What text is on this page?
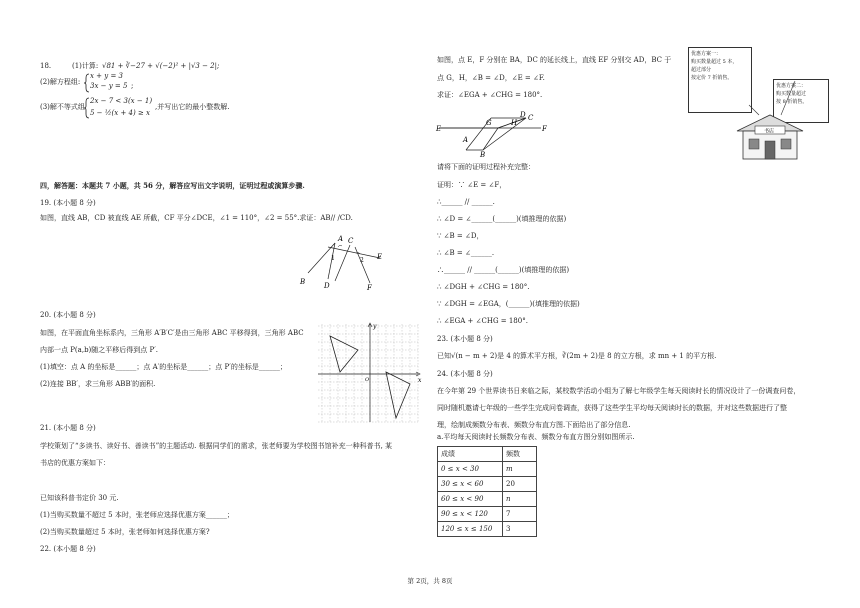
18.	(1)计算: √81 + ∛−27 + √(−2)² + |√3 − 2|;
(2)解方程组:
x + y = 3
3x − y = 5 ;
(3)解不等式组
2x − 7 < 3(x − 1)
5 − ½(x + 4) ≥ x
,并写出它的最小整数解.
四，解答题：本题共 7 小题，共 56 分，解答应写出文字说明，证明过程或演算步骤.
19. (本小题 8 分)
如图，直线 AB，CD 被直线 AE 所截，CF 平分∠DCE，∠1 = 110°，∠2 = 55°.求证：AB// /CD.
B
A C
D
E
F
1	2
20. (本小题 8 分)
如图，在平面直角坐标系内，三角形 A′B′C′是由三角形 ABC 平移得到，三角形 ABC
内部一点 P(a,b)随之平移后得到点 P′.
(1)填空：点 A 的坐标是______；点 A′的坐标是______；点 P′的坐标是______；
(2)连接 BB′，求三角形 ABB′的面积.	x
y
O
21. (本小题 8 分)
学校策划了“多读书、读好书、善读书”的主题活动. 根据同学们的需求，张老师要为学校图书馆补充一种科普书, 某
书店的优惠方案如下：
已知该科普书定价 30 元.
(1)当购买数量不超过 5 本时，张老师应选择优惠方案______；
(2)当购买数量超过 5 本时，张老师如何选择优惠方案?
22. (本小题 8 分)
如图，点 E，F 分别在 BA，DC 的延长线上，直线 EF 分别交 AD，BC 于
点 G，H，∠B = ∠D，∠E = ∠F.
求证：∠EGA + ∠CHG = 180°.
E
A
G	H
D C
F
B
优惠方案一：
购买数量超过 5 本，
超过部分
按定价 7 折销售。
优惠方案二：
购买数量超过
按 8 折销售。
书店
请将下面的证明过程补充完整：
证明：∵ ∠E = ∠F，
∴______ // ______.
∴ ∠D = ∠______(______)(填推理的依据)
∵ ∠B = ∠D，
∴ ∠B = ∠______.
∴______ // ______(______)(填推理的依据)
∴ ∠DGH + ∠CHG = 180°.
∵ ∠DGH = ∠EGA，(______)(填推理的依据)
∴ ∠EGA + ∠CHG = 180°.
23. (本小题 8 分)
已知√(n − m + 2)是 4 的算术平方根，∛(2m + 2)是 8 的立方根，求 mn + 1 的平方根.
24. (本小题 8 分)
在今年第 29 个世界读书日来临之际，某校数学活动小组为了解七年级学生每天阅读时长的情况设计了一份调查问卷，
同时随机邀请七年级的一些学生完成问卷调查，获得了这些学生平均每天阅读时长的数据，并对这些数据进行了整
理，绘制成频数分布表、频数分布直方图.下面给出了部分信息.
a.平均每天阅读时长频数分布表、频数分布直方图分别如图所示.
成绩	频数
0 ≤ x < 30	m
30 ≤ x < 60	20
60 ≤ x < 90	n
90 ≤ x < 120	7
120 ≤ x ≤ 150	3
第 2页，共 8页
